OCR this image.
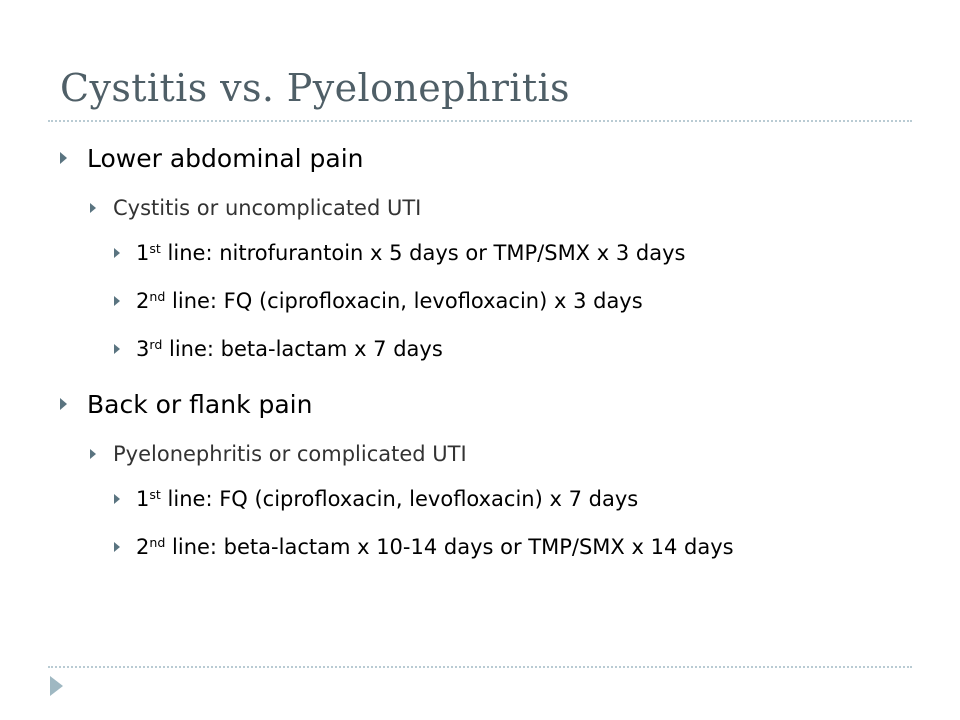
Cystitis vs. Pyelonephritis
Lower abdominal pain
Cystitis or uncomplicated UTI
1st line: nitrofurantoin x 5 days or TMP/SMX x 3 days
2nd line: FQ (ciprofloxacin, levofloxacin) x 3 days
3rd line: beta-lactam x 7 days
Back or flank pain
Pyelonephritis or complicated UTI
1st line: FQ (ciprofloxacin, levofloxacin) x 7 days
2nd line: beta-lactam x 10-14 days or TMP/SMX x 14 days
